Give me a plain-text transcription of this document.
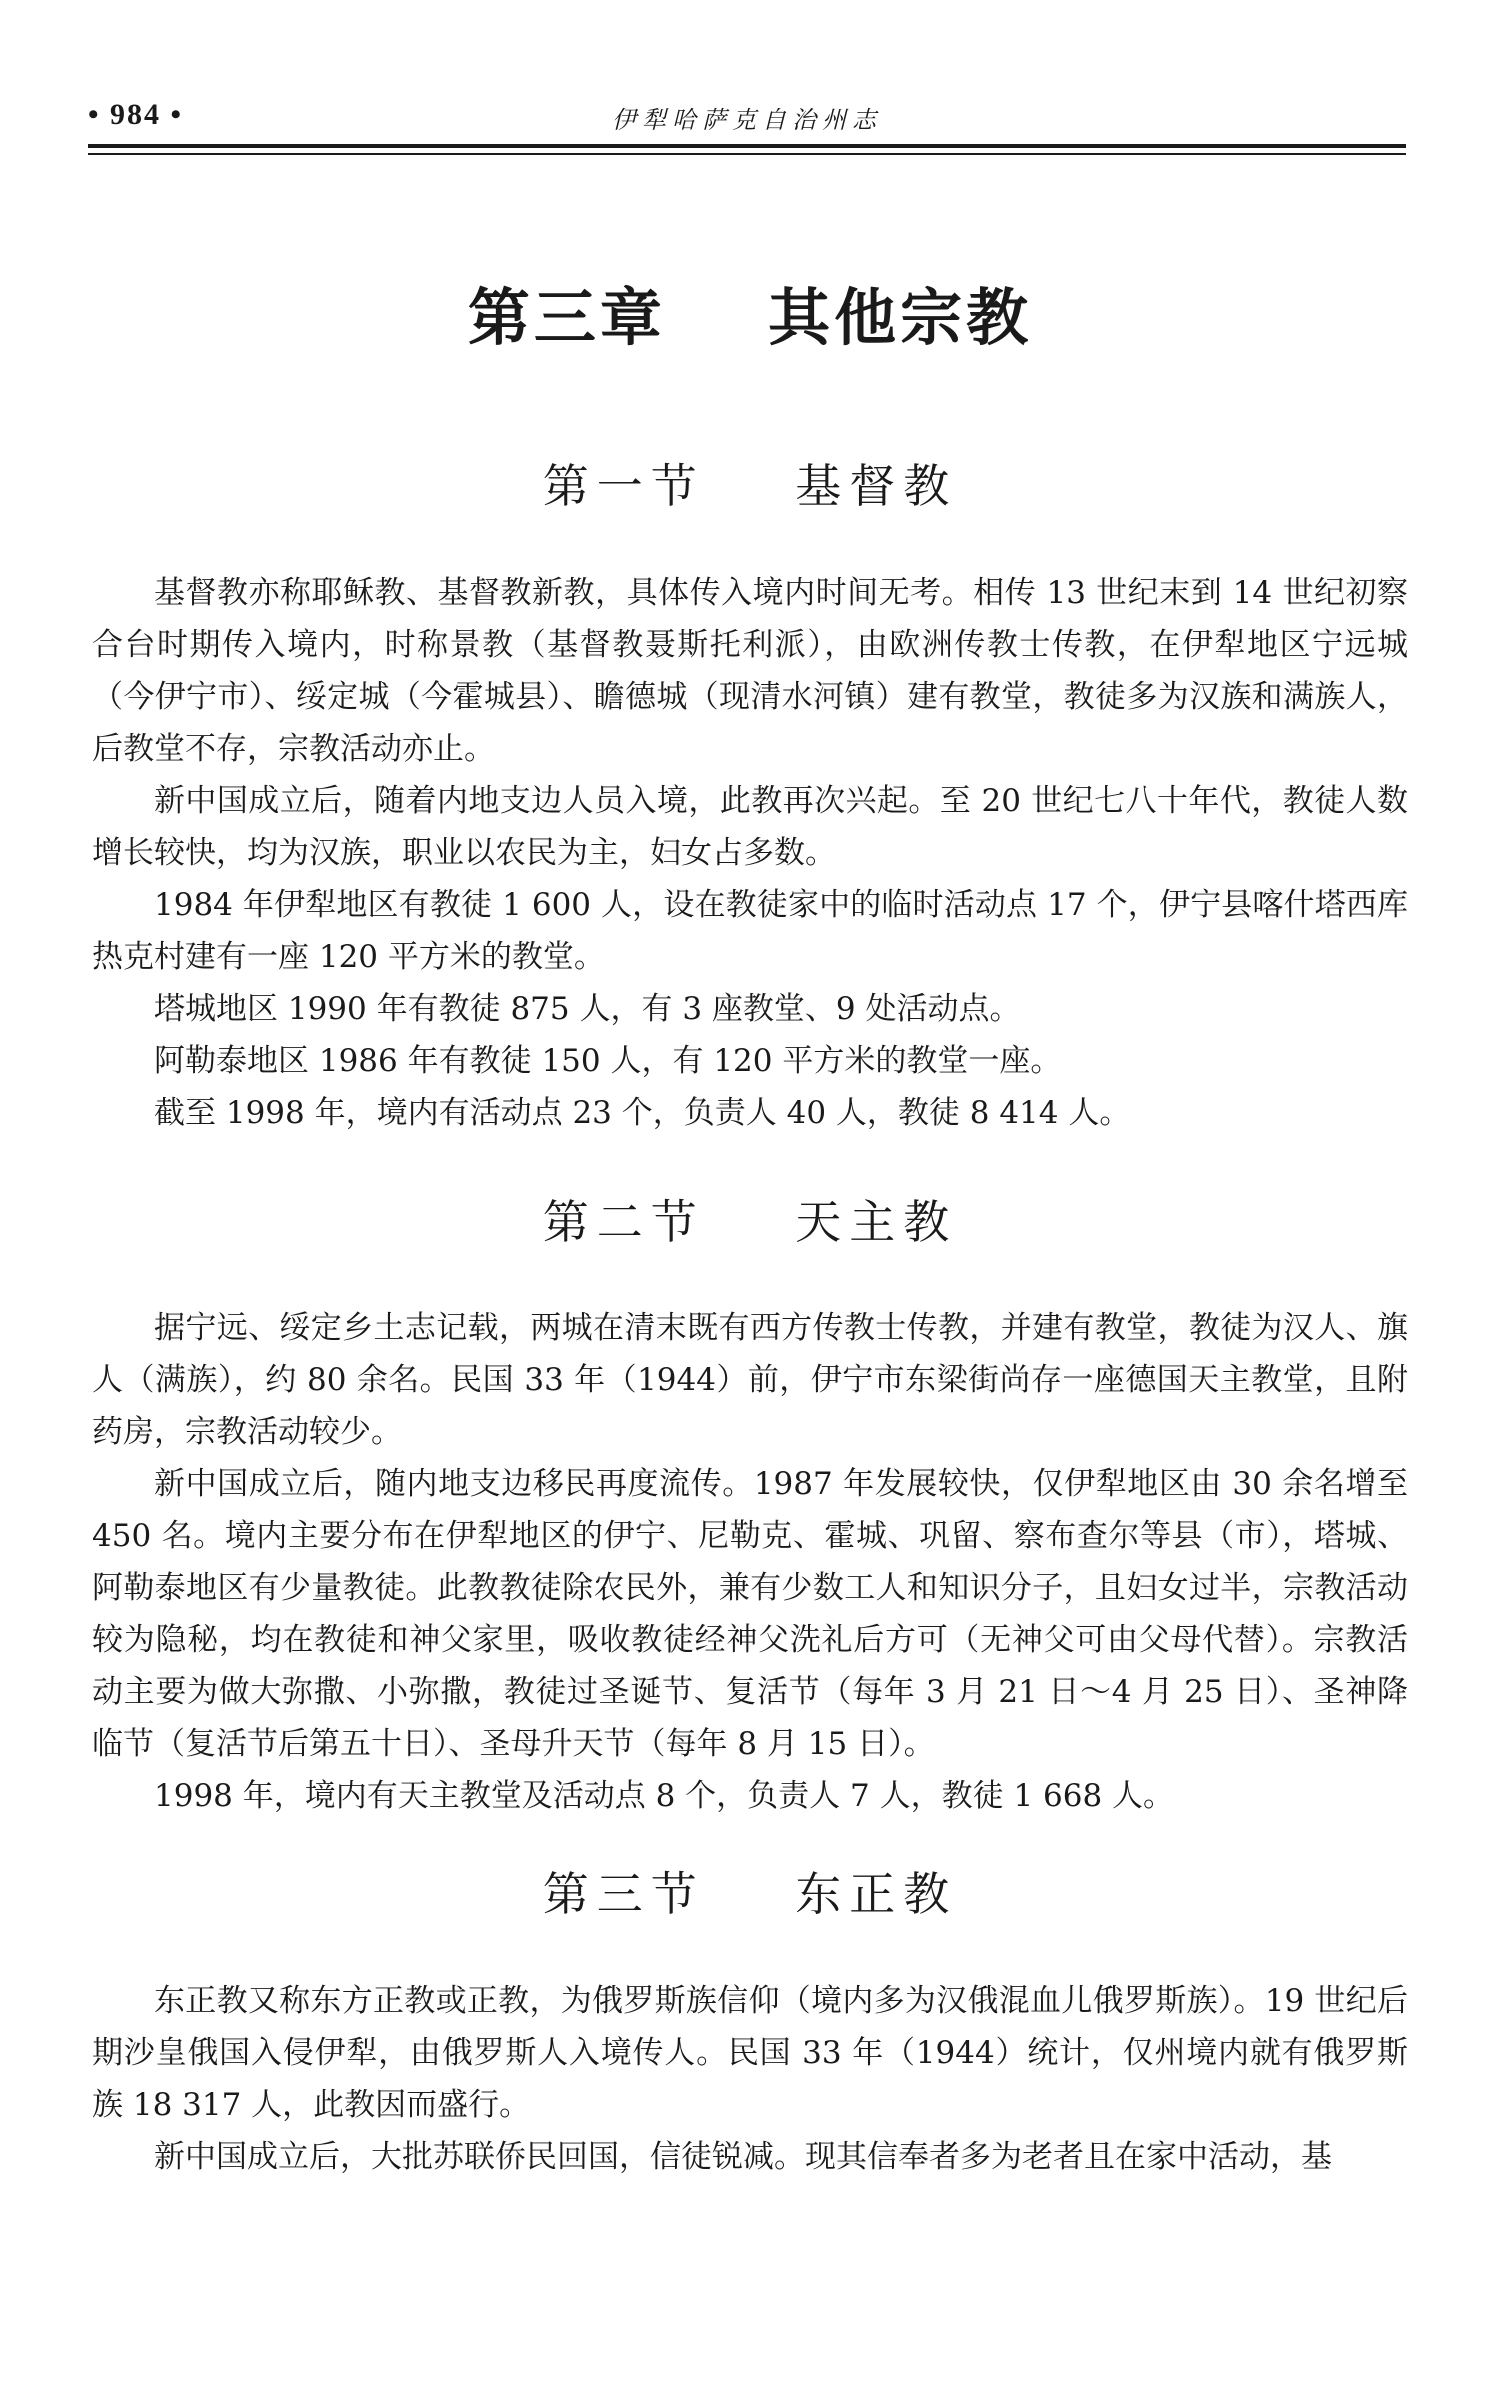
• 984 •	伊犁哈萨克自治州志
第三章    其他宗教
第一节    基督教

基督教亦称耶稣教、基督教新教，具体传入境内时间无考。相传 13 世纪末到 14 世纪初察合台时期传入境内，时称景教（基督教聂斯托利派），由欧洲传教士传教，在伊犁地区宁远城（今伊宁市）、绥定城（今霍城县）、瞻德城（现清水河镇）建有教堂，教徒多为汉族和满族人，后教堂不存，宗教活动亦止。

新中国成立后，随着内地支边人员入境，此教再次兴起。至 20 世纪七八十年代，教徒人数增长较快，均为汉族，职业以农民为主，妇女占多数。

1984 年伊犁地区有教徒 1 600 人，设在教徒家中的临时活动点 17 个，伊宁县喀什塔西库热克村建有一座 120 平方米的教堂。

塔城地区 1990 年有教徒 875 人，有 3 座教堂、9 处活动点。

阿勒泰地区 1986 年有教徒 150 人，有 120 平方米的教堂一座。

截至 1998 年，境内有活动点 23 个，负责人 40 人，教徒 8 414 人。

第二节    天主教

据宁远、绥定乡土志记载，两城在清末既有西方传教士传教，并建有教堂，教徒为汉人、旗人（满族），约 80 余名。民国 33 年（1944）前，伊宁市东梁街尚存一座德国天主教堂，且附药房，宗教活动较少。

新中国成立后，随内地支边移民再度流传。1987 年发展较快，仅伊犁地区由 30 余名增至 450 名。境内主要分布在伊犁地区的伊宁、尼勒克、霍城、巩留、察布查尔等县（市），塔城、阿勒泰地区有少量教徒。此教教徒除农民外，兼有少数工人和知识分子，且妇女过半，宗教活动较为隐秘，均在教徒和神父家里，吸收教徒经神父洗礼后方可（无神父可由父母代替）。宗教活动主要为做大弥撒、小弥撒，教徒过圣诞节、复活节（每年 3 月 21 日～4 月 25 日）、圣神降临节（复活节后第五十日）、圣母升天节（每年 8 月 15 日）。

1998 年，境内有天主教堂及活动点 8 个，负责人 7 人，教徒 1 668 人。

第三节    东正教

东正教又称东方正教或正教，为俄罗斯族信仰（境内多为汉俄混血儿俄罗斯族）。19 世纪后期沙皇俄国入侵伊犁，由俄罗斯人入境传人。民国 33 年（1944）统计，仅州境内就有俄罗斯族 18 317 人，此教因而盛行。

新中国成立后，大批苏联侨民回国，信徒锐减。现其信奉者多为老者且在家中活动，基
